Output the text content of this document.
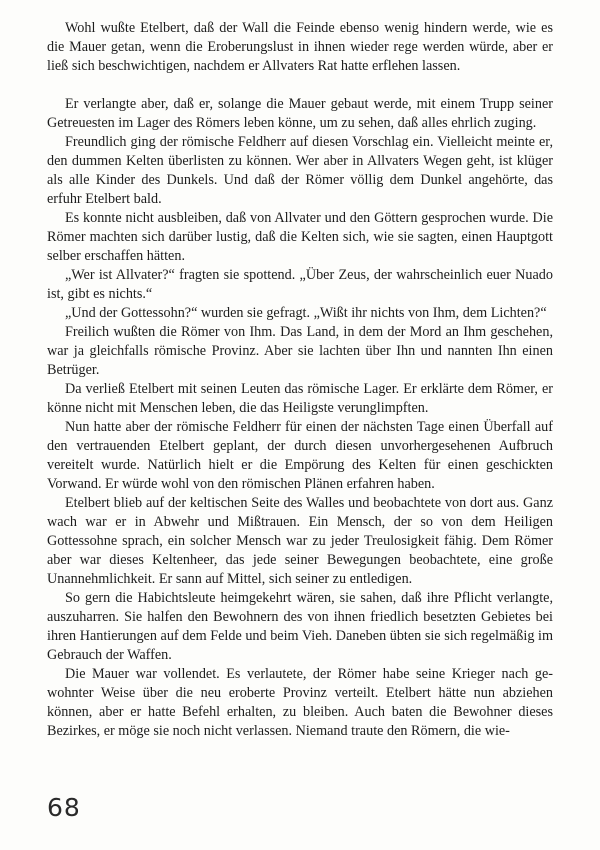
Wohl wußte Etelbert, daß der Wall die Feinde ebenso wenig hindern werde, wie es die Mauer getan, wenn die Eroberungslust in ihnen wieder rege werden würde, aber er ließ sich beschwichtigen, nachdem er Allvaters Rat hatte erflehen lassen.

Er verlangte aber, daß er, solange die Mauer gebaut werde, mit einem Trupp seiner Getreuesten im Lager des Römers leben könne, um zu sehen, daß alles ehrlich zuging.

Freundlich ging der römische Feldherr auf diesen Vorschlag ein. Vielleicht meinte er, den dummen Kelten überlisten zu können. Wer aber in Allvaters Wegen geht, ist klüger als alle Kinder des Dunkels. Und daß der Römer völlig dem Dunkel angehörte, das erfuhr Etelbert bald.

Es konnte nicht ausbleiben, daß von Allvater und den Göttern gesprochen wurde. Die Römer machten sich darüber lustig, daß die Kelten sich, wie sie sagten, einen Hauptgott selber erschaffen hätten.

„Wer ist Allvater?“ fragten sie spottend. „Über Zeus, der wahrscheinlich euer Nuado ist, gibt es nichts.“

„Und der Gottessohn?“ wurden sie gefragt. „Wißt ihr nichts von Ihm, dem Lichten?“

Freilich wußten die Römer von Ihm. Das Land, in dem der Mord an Ihm geschehen, war ja gleichfalls römische Provinz. Aber sie lachten über Ihn und nannten Ihn einen Betrüger.

Da verließ Etelbert mit seinen Leuten das römische Lager. Er erklärte dem Römer, er könne nicht mit Menschen leben, die das Heiligste verunglimpften.

Nun hatte aber der römische Feldherr für einen der nächsten Tage einen Überfall auf den vertrauenden Etelbert geplant, der durch diesen unvorhergesehenen Aufbruch vereitelt wurde. Natürlich hielt er die Empörung des Kelten für einen geschickten Vorwand. Er würde wohl von den römischen Plänen erfahren haben.

Etelbert blieb auf der keltischen Seite des Walles und beobachtete von dort aus. Ganz wach war er in Abwehr und Mißtrauen. Ein Mensch, der so von dem Heiligen Gottessohne sprach, ein solcher Mensch war zu jeder Treulosigkeit fähig. Dem Römer aber war dieses Keltenheer, das jede seiner Bewegungen beobachtete, eine große Unannehmlichkeit. Er sann auf Mittel, sich seiner zu entledigen.

So gern die Habichtsleute heimgekehrt wären, sie sahen, daß ihre Pflicht verlangte, auszuharren. Sie halfen den Bewohnern des von ihnen friedlich besetzten Gebietes bei ihren Hantierungen auf dem Felde und beim Vieh. Daneben übten sie sich regelmäßig im Gebrauch der Waffen.

Die Mauer war vollendet. Es verlautete, der Römer habe seine Krieger nach gewohnter Weise über die neu eroberte Provinz verteilt. Etelbert hätte nun abziehen können, aber er hatte Befehl erhalten, zu bleiben. Auch baten die Bewohner dieses Bezirkes, er möge sie noch nicht verlassen. Niemand traute den Römern, die wie-

68
